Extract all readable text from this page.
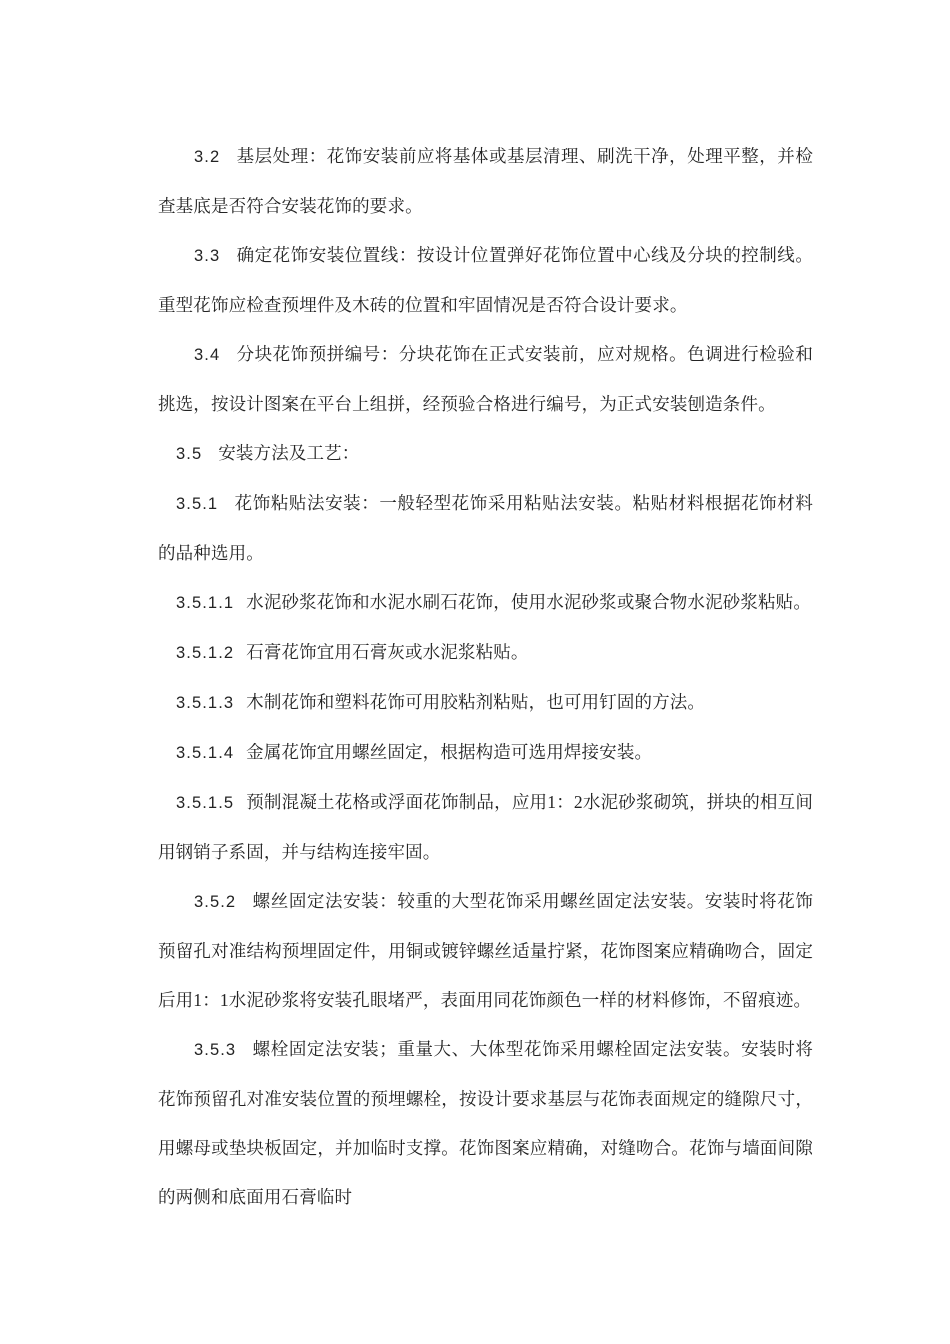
3.2 基层处理：花饰安装前应将基体或基层清理、刷洗干净，处理平整，并检查基底是否符合安装花饰的要求。

3.3 确定花饰安装位置线：按设计位置弹好花饰位置中心线及分块的控制线。重型花饰应检查预埋件及木砖的位置和牢固情况是否符合设计要求。

3.4 分块花饰预拼编号：分块花饰在正式安装前，应对规格。色调进行检验和挑选，按设计图案在平台上组拼，经预验合格进行编号，为正式安装刨造条件。

3.5 安装方法及工艺：

3.5.1 花饰粘贴法安装：一般轻型花饰采用粘贴法安装。粘贴材料根据花饰材料的品种选用。

3.5.1.1 水泥砂浆花饰和水泥水刷石花饰，使用水泥砂浆或聚合物水泥砂浆粘贴。

3.5.1.2 石膏花饰宜用石膏灰或水泥浆粘贴。

3.5.1.3 木制花饰和塑料花饰可用胶粘剂粘贴，也可用钉固的方法。

3.5.1.4 金属花饰宜用螺丝固定，根据构造可选用焊接安装。

3.5.1.5 预制混凝土花格或浮面花饰制品，应用1：2水泥砂浆砌筑，拼块的相互间用钢销子系固，并与结构连接牢固。

3.5.2 螺丝固定法安装：较重的大型花饰采用螺丝固定法安装。安装时将花饰预留孔对准结构预埋固定件，用铜或镀锌螺丝适量拧紧，花饰图案应精确吻合，固定后用1：1水泥砂浆将安装孔眼堵严，表面用同花饰颜色一样的材料修饰，不留痕迹。

3.5.3 螺栓固定法安装；重量大、大体型花饰采用螺栓固定法安装。安装时将花饰预留孔对准安装位置的预埋螺栓，按设计要求基层与花饰表面规定的缝隙尺寸，用螺母或垫块板固定，并加临时支撑。花饰图案应精确，对缝吻合。花饰与墙面间隙的两侧和底面用石膏临时
